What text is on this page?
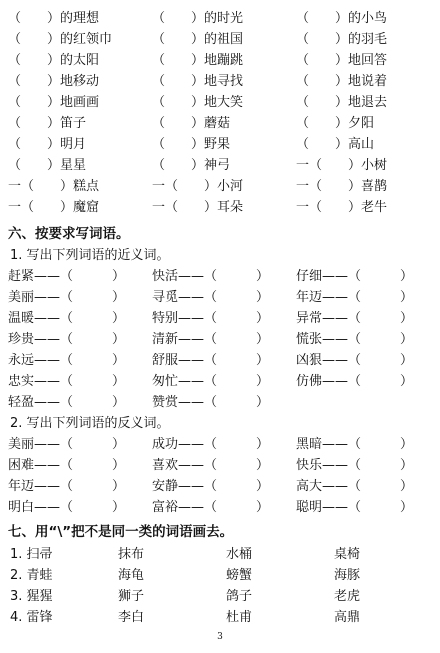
（　　）的理想	（　　）的时光	（　　）的小鸟
（　　）的红领巾	（　　）的祖国	（　　）的羽毛
（　　）的太阳	（　　）地蹦跳	（　　）地回答
（　　）地移动	（　　）地寻找	（　　）地说着
（　　）地画画	（　　）地大笑	（　　）地退去
（　　）笛子	（　　）蘑菇	（　　）夕阳
（　　）明月	（　　）野果	（　　）高山
（　　）星星	（　　）神弓	一（　　）小树
一（　　）糕点	一（　　）小河	一（　　）喜鹊
一（　　）魔窟	一（　　）耳朵	一（　　）老牛
六、按要求写词语。
1. 写出下列词语的近义词。
赶紧——（　　　） 快活——（　　　） 仔细——（　　　）
美丽——（　　　） 寻觅——（　　　） 年迈——（　　　）
温暖——（　　　） 特别——（　　　） 异常——（　　　）
珍贵——（　　　） 清新——（　　　） 慌张——（　　　）
永远——（　　　） 舒服——（　　　） 凶狠——（　　　）
忠实——（　　　） 匆忙——（　　　） 仿佛——（　　　）
轻盈——（　　　） 赞赏——（　　　）
2. 写出下列词语的反义词。
美丽——（　　　） 成功——（　　　） 黑暗——（　　　）
困难——（　　　） 喜欢——（　　　） 快乐——（　　　）
年迈——（　　　） 安静——（　　　） 高大——（　　　）
明白——（　　　） 富裕——（　　　） 聪明——（　　　）
七、用“\”把不是同一类的词语画去。
1. 扫帚	抹布	水桶	桌椅
2. 青蛙	海龟	螃蟹	海豚
3. 猩猩	狮子	鸽子	老虎
4. 雷锋	李白	杜甫	高鼎
3
